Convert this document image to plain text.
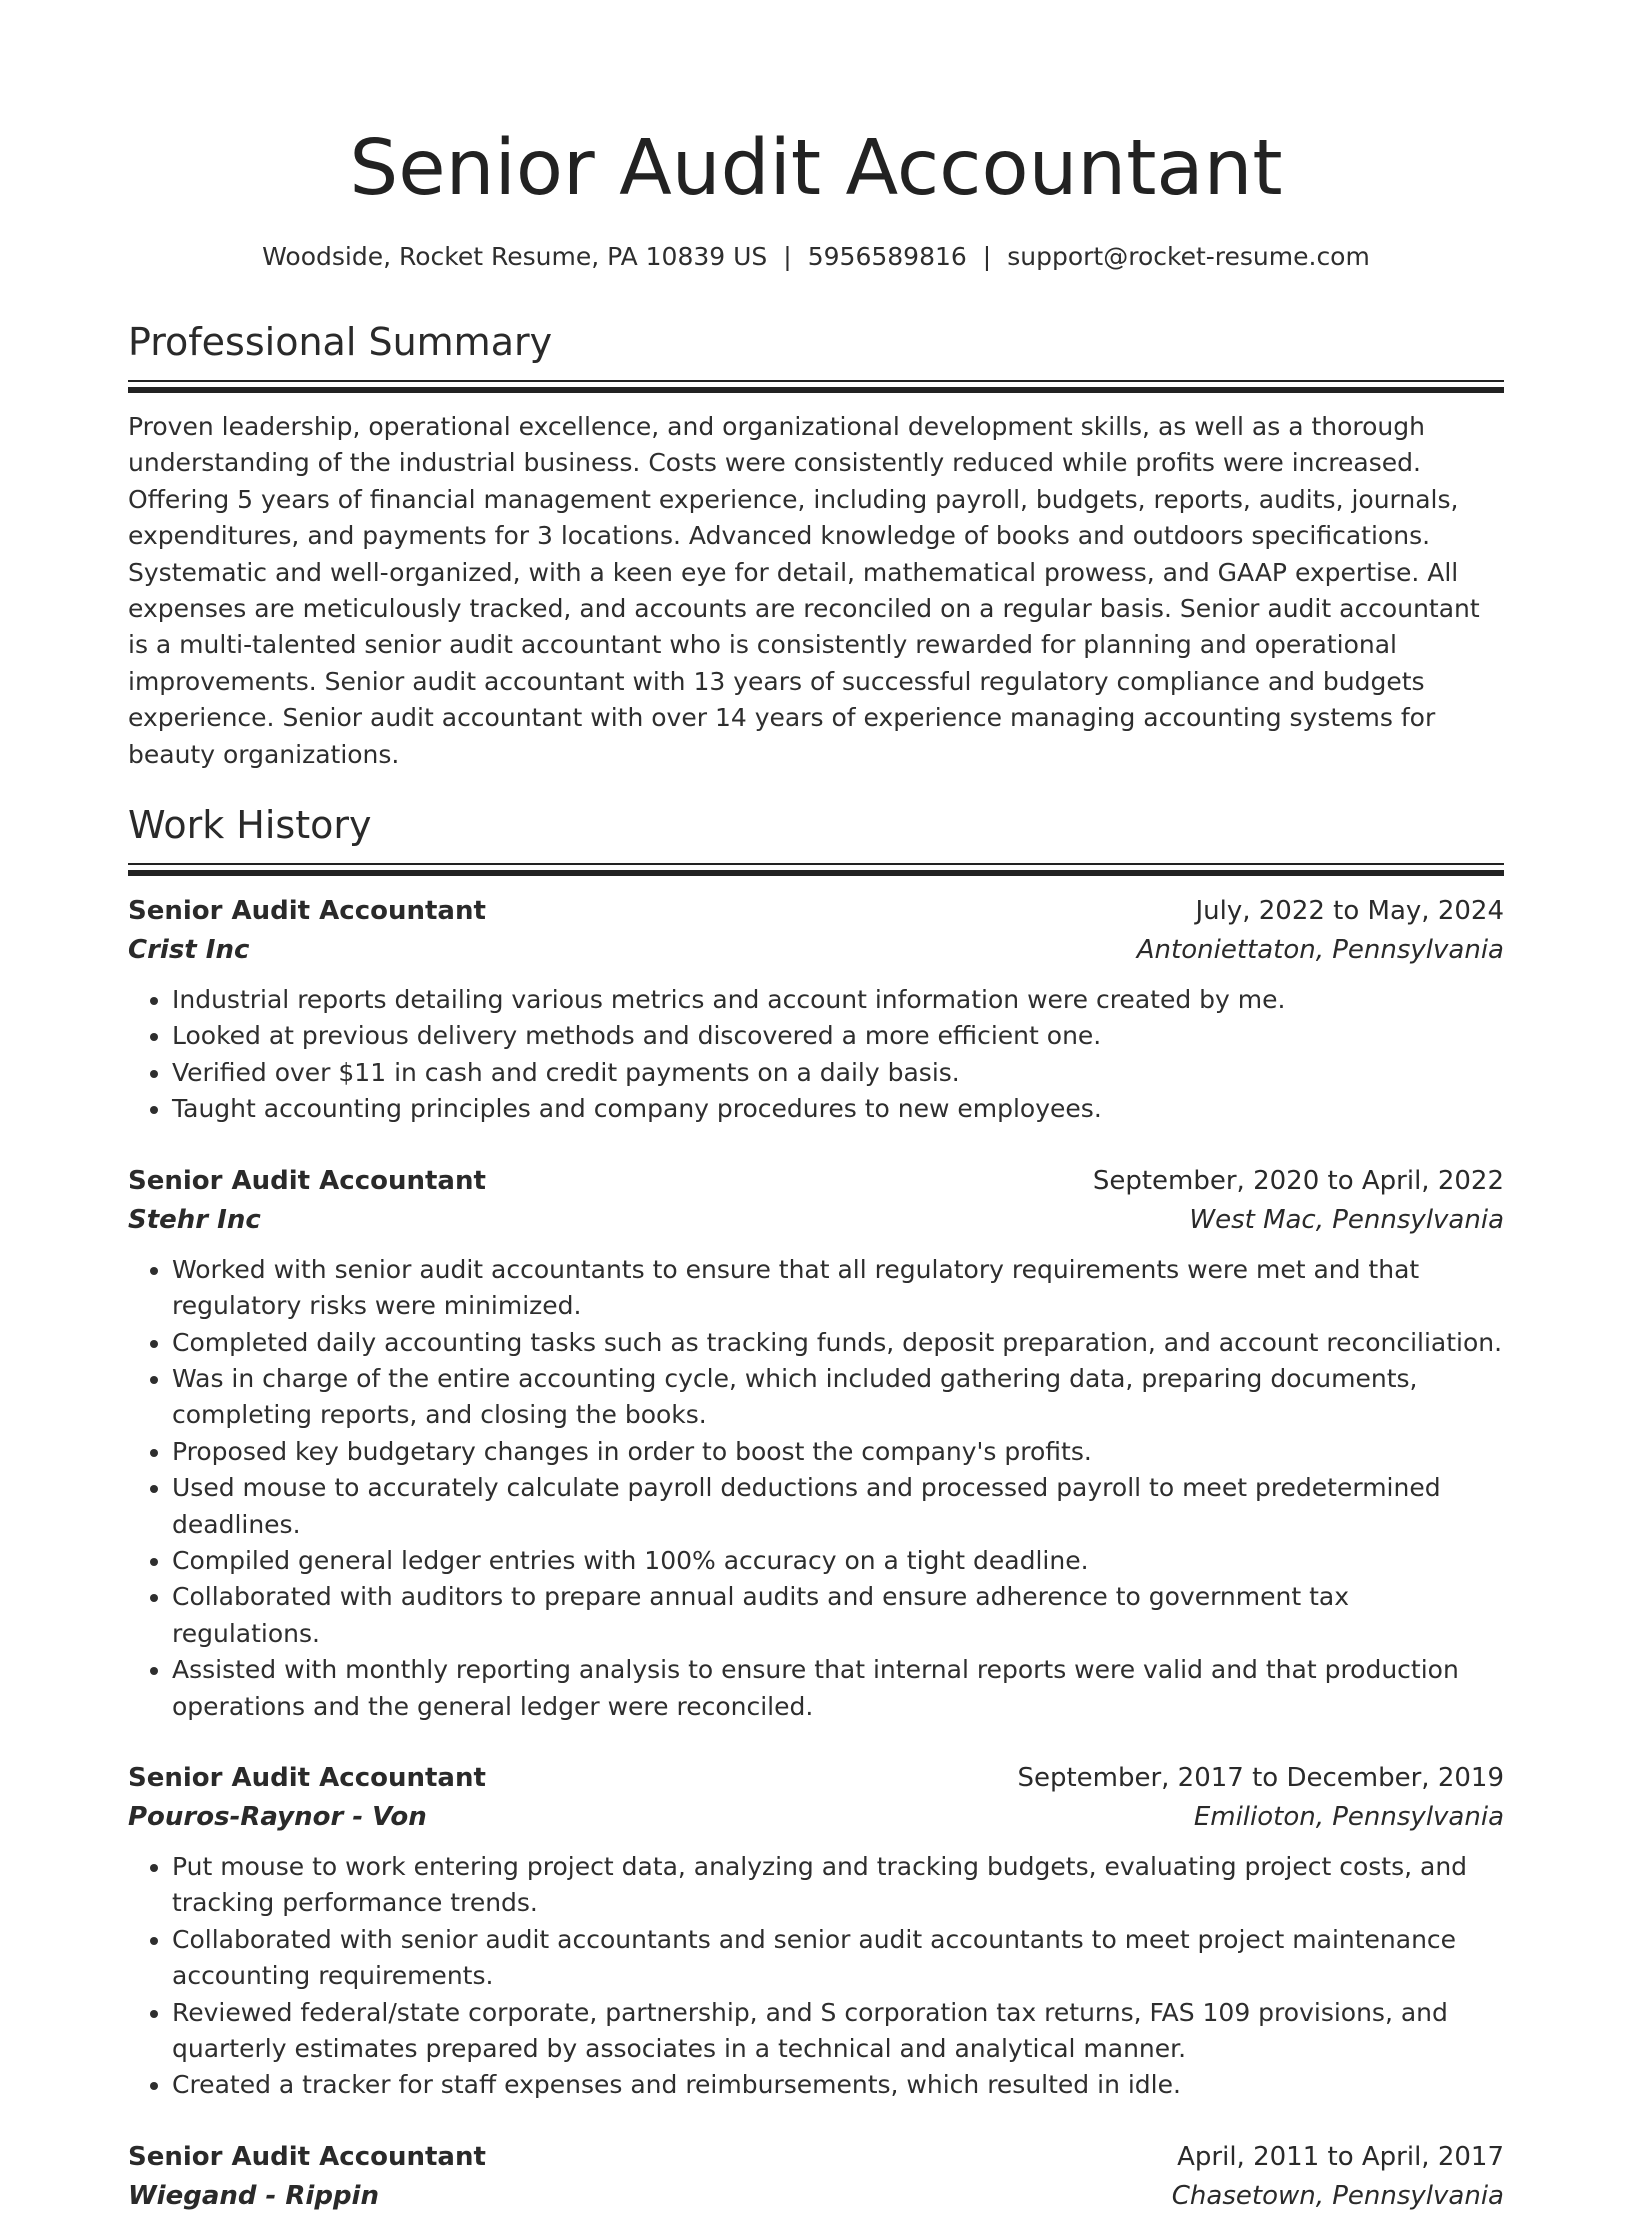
Senior Audit Accountant
Woodside, Rocket Resume, PA 10839 US | 5956589816 | support@rocket-resume.com
Professional Summary

Proven leadership, operational excellence, and organizational development skills, as well as a thorough understanding of the industrial business. Costs were consistently reduced while profits were increased. Offering 5 years of financial management experience, including payroll, budgets, reports, audits, journals, expenditures, and payments for 3 locations. Advanced knowledge of books and outdoors specifications. Systematic and well-organized, with a keen eye for detail, mathematical prowess, and GAAP expertise. All expenses are meticulously tracked, and accounts are reconciled on a regular basis. Senior audit accountant is a multi-talented senior audit accountant who is consistently rewarded for planning and operational improvements. Senior audit accountant with 13 years of successful regulatory compliance and budgets experience. Senior audit accountant with over 14 years of experience managing accounting systems for beauty organizations.

Work History
Senior Audit Accountant	July, 2022 to May, 2024
Crist Inc	Antoniettaton, Pennsylvania
• Industrial reports detailing various metrics and account information were created by me.
• Looked at previous delivery methods and discovered a more efficient one.
• Verified over $11 in cash and credit payments on a daily basis.
• Taught accounting principles and company procedures to new employees.
Senior Audit Accountant	September, 2020 to April, 2022
Stehr Inc	West Mac, Pennsylvania
• Worked with senior audit accountants to ensure that all regulatory requirements were met and that regulatory risks were minimized.
• Completed daily accounting tasks such as tracking funds, deposit preparation, and account reconciliation.
• Was in charge of the entire accounting cycle, which included gathering data, preparing documents, completing reports, and closing the books.
• Proposed key budgetary changes in order to boost the company's profits.
• Used mouse to accurately calculate payroll deductions and processed payroll to meet predetermined deadlines.
• Compiled general ledger entries with 100% accuracy on a tight deadline.
• Collaborated with auditors to prepare annual audits and ensure adherence to government tax regulations.
• Assisted with monthly reporting analysis to ensure that internal reports were valid and that production operations and the general ledger were reconciled.
Senior Audit Accountant	September, 2017 to December, 2019
Pouros-Raynor - Von	Emilioton, Pennsylvania
• Put mouse to work entering project data, analyzing and tracking budgets, evaluating project costs, and tracking performance trends.
• Collaborated with senior audit accountants and senior audit accountants to meet project maintenance accounting requirements.
• Reviewed federal/state corporate, partnership, and S corporation tax returns, FAS 109 provisions, and quarterly estimates prepared by associates in a technical and analytical manner.
• Created a tracker for staff expenses and reimbursements, which resulted in idle.
Senior Audit Accountant	April, 2011 to April, 2017
Wiegand - Rippin	Chasetown, Pennsylvania
